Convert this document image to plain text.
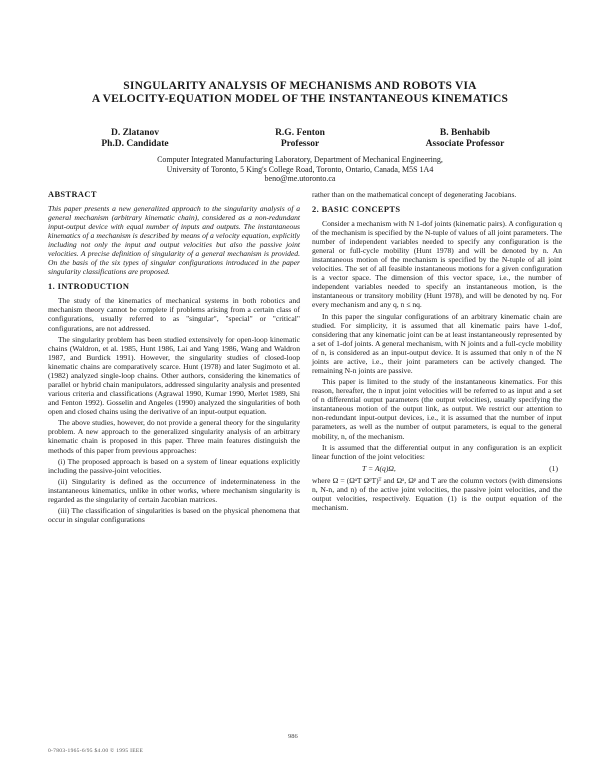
SINGULARITY ANALYSIS OF MECHANISMS AND ROBOTS VIA
A VELOCITY-EQUATION MODEL OF THE INSTANTANEOUS KINEMATICS
D. Zlatanov
Ph.D. Candidate
R.G. Fenton
Professor
B. Benhabib
Associate Professor
Computer Integrated Manufacturing Laboratory, Department of Mechanical Engineering,
University of Toronto, 5 King's College Road, Toronto, Ontario, Canada, M5S 1A4
beno@me.utoronto.ca
ABSTRACT

This paper presents a new generalized approach to the singularity analysis of a general mechanism (arbitrary kinematic chain), considered as a non-redundant input-output device with equal number of inputs and outputs. The instantaneous kinematics of a mechanism is described by means of a velocity equation, explicitly including not only the input and output velocities but also the passive joint velocities. A precise definition of singularity of a general mechanism is provided. On the basis of the six types of singular configurations introduced in the paper singularity classifications are proposed.

1. INTRODUCTION

The study of the kinematics of mechanical systems in both robotics and mechanism theory cannot be complete if problems arising from a certain class of configurations, usually referred to as "singular", "special" or "critical" configurations, are not addressed.

The singularity problem has been studied extensively for open-loop kinematic chains (Waldron, et al. 1985, Hunt 1986, Lai and Yang 1986, Wang and Waldron 1987, and Burdick 1991). However, the singularity studies of closed-loop kinematic chains are comparatively scarce. Hunt (1978) and later Sugimoto et al. (1982) analyzed single-loop chains. Other authors, considering the kinematics of parallel or hybrid chain manipulators, addressed singularity analysis and presented various criteria and classifications (Agrawal 1990, Kumar 1990, Merlet 1989, Shi and Fenton 1992). Gosselin and Angeles (1990) analyzed the singularities of both open and closed chains using the derivative of an input-output equation.

The above studies, however, do not provide a general theory for the singularity problem. A new approach to the generalized singularity analysis of an arbitrary kinematic chain is proposed in this paper. Three main features distinguish the methods of this paper from previous approaches:

(i) The proposed approach is based on a system of linear equations explicitly including the passive-joint velocities.

(ii) Singularity is defined as the occurrence of indeterminateness in the instantaneous kinematics, unlike in other works, where mechanism singularity is regarded as the singularity of certain Jacobian matrices.

(iii) The classification of singularities is based on the physical phenomena that occur in singular configurations

rather than on the mathematical concept of degenerating Jacobians.

2. BASIC CONCEPTS

Consider a mechanism with N 1-dof joints (kinematic pairs). A configuration q of the mechanism is specified by the N-tuple of values of all joint parameters. The number of independent variables needed to specify any configuration is the general or full-cycle mobility (Hunt 1978) and will be denoted by n. An instantaneous motion of the mechanism is specified by the N-tuple of all joint velocities. The set of all feasible instantaneous motions for a given configuration is a vector space. The dimension of this vector space, i.e., the number of independent variables needed to specify an instantaneous motion, is the instantaneous or transitory mobility (Hunt 1978), and will be denoted by nq. For every mechanism and any q, n ≤ nq.

In this paper the singular configurations of an arbitrary kinematic chain are studied. For simplicity, it is assumed that all kinematic pairs have 1-dof, considering that any kinematic joint can be at least instantaneously represented by a set of 1-dof joints. A general mechanism, with N joints and a full-cycle mobility of n, is considered as an input-output device. It is assumed that only n of the N joints are active, i.e., their joint parameters can be actively changed. The remaining N-n joints are passive.

This paper is limited to the study of the instantaneous kinematics. For this reason, hereafter, the n input joint velocities will be referred to as input and a set of n differential output parameters (the output velocities), usually specifying the instantaneous motion of the output link, as output. We restrict our attention to non-redundant input-output devices, i.e., it is assumed that the number of input parameters, as well as the number of output parameters, is equal to the general mobility, n, of the mechanism.

It is assumed that the differential output in any configuration is an explicit linear function of the joint velocities:

T = A(q)Ω,	(1)

where Ω = (ΩᵃT ΩᵖT)ᵀ and Ωᵃ, Ωᵖ and T are the column vectors (with dimensions n, N-n, and n) of the active joint velocities, the passive joint velocities, and the output velocities, respectively. Equation (1) is the output equation of the mechanism.

986
0-7803-1965-6/95 $4.00 © 1995 IEEE
